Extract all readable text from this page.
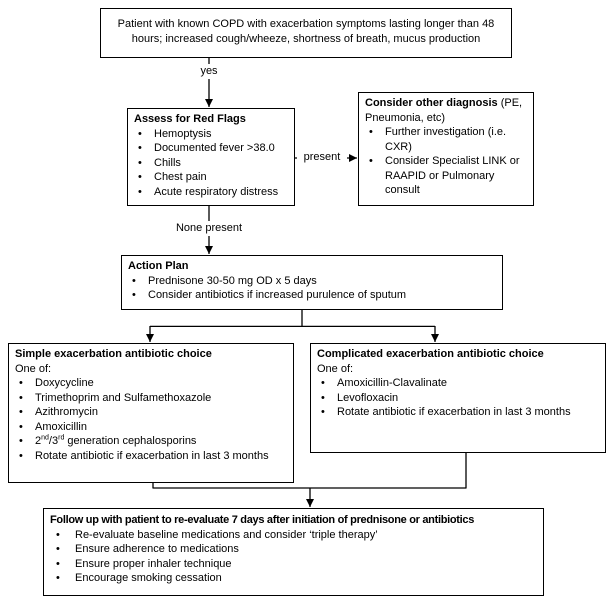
Patient with known COPD with exacerbation symptoms lasting longer than 48 hours; increased cough/wheeze, shortness of breath, mucus production
yes
Assess for Red Flags
• Hemoptysis
• Documented fever >38.0
• Chills
• Chest pain
• Acute respiratory distress
present
Consider other diagnosis (PE, Pneumonia, etc)
• Further investigation (i.e. CXR)
• Consider Specialist LINK or RAAPID or Pulmonary consult
None present
Action Plan
• Prednisone 30-50 mg OD x 5 days
• Consider antibiotics if increased purulence of sputum
Simple exacerbation antibiotic choice
One of:
• Doxycycline
• Trimethoprim and Sulfamethoxazole
• Azithromycin
• Amoxicillin
• 2nd/3rd generation cephalosporins
• Rotate antibiotic if exacerbation in last 3 months
Complicated exacerbation antibiotic choice
One of:
• Amoxicillin-Clavalinate
• Levofloxacin
• Rotate antibiotic if exacerbation in last 3 months
Follow up with patient to re-evaluate 7 days after initiation of prednisone or antibiotics
• Re-evaluate baseline medications and consider ‘triple therapy’
• Ensure adherence to medications
• Ensure proper inhaler technique
• Encourage smoking cessation
